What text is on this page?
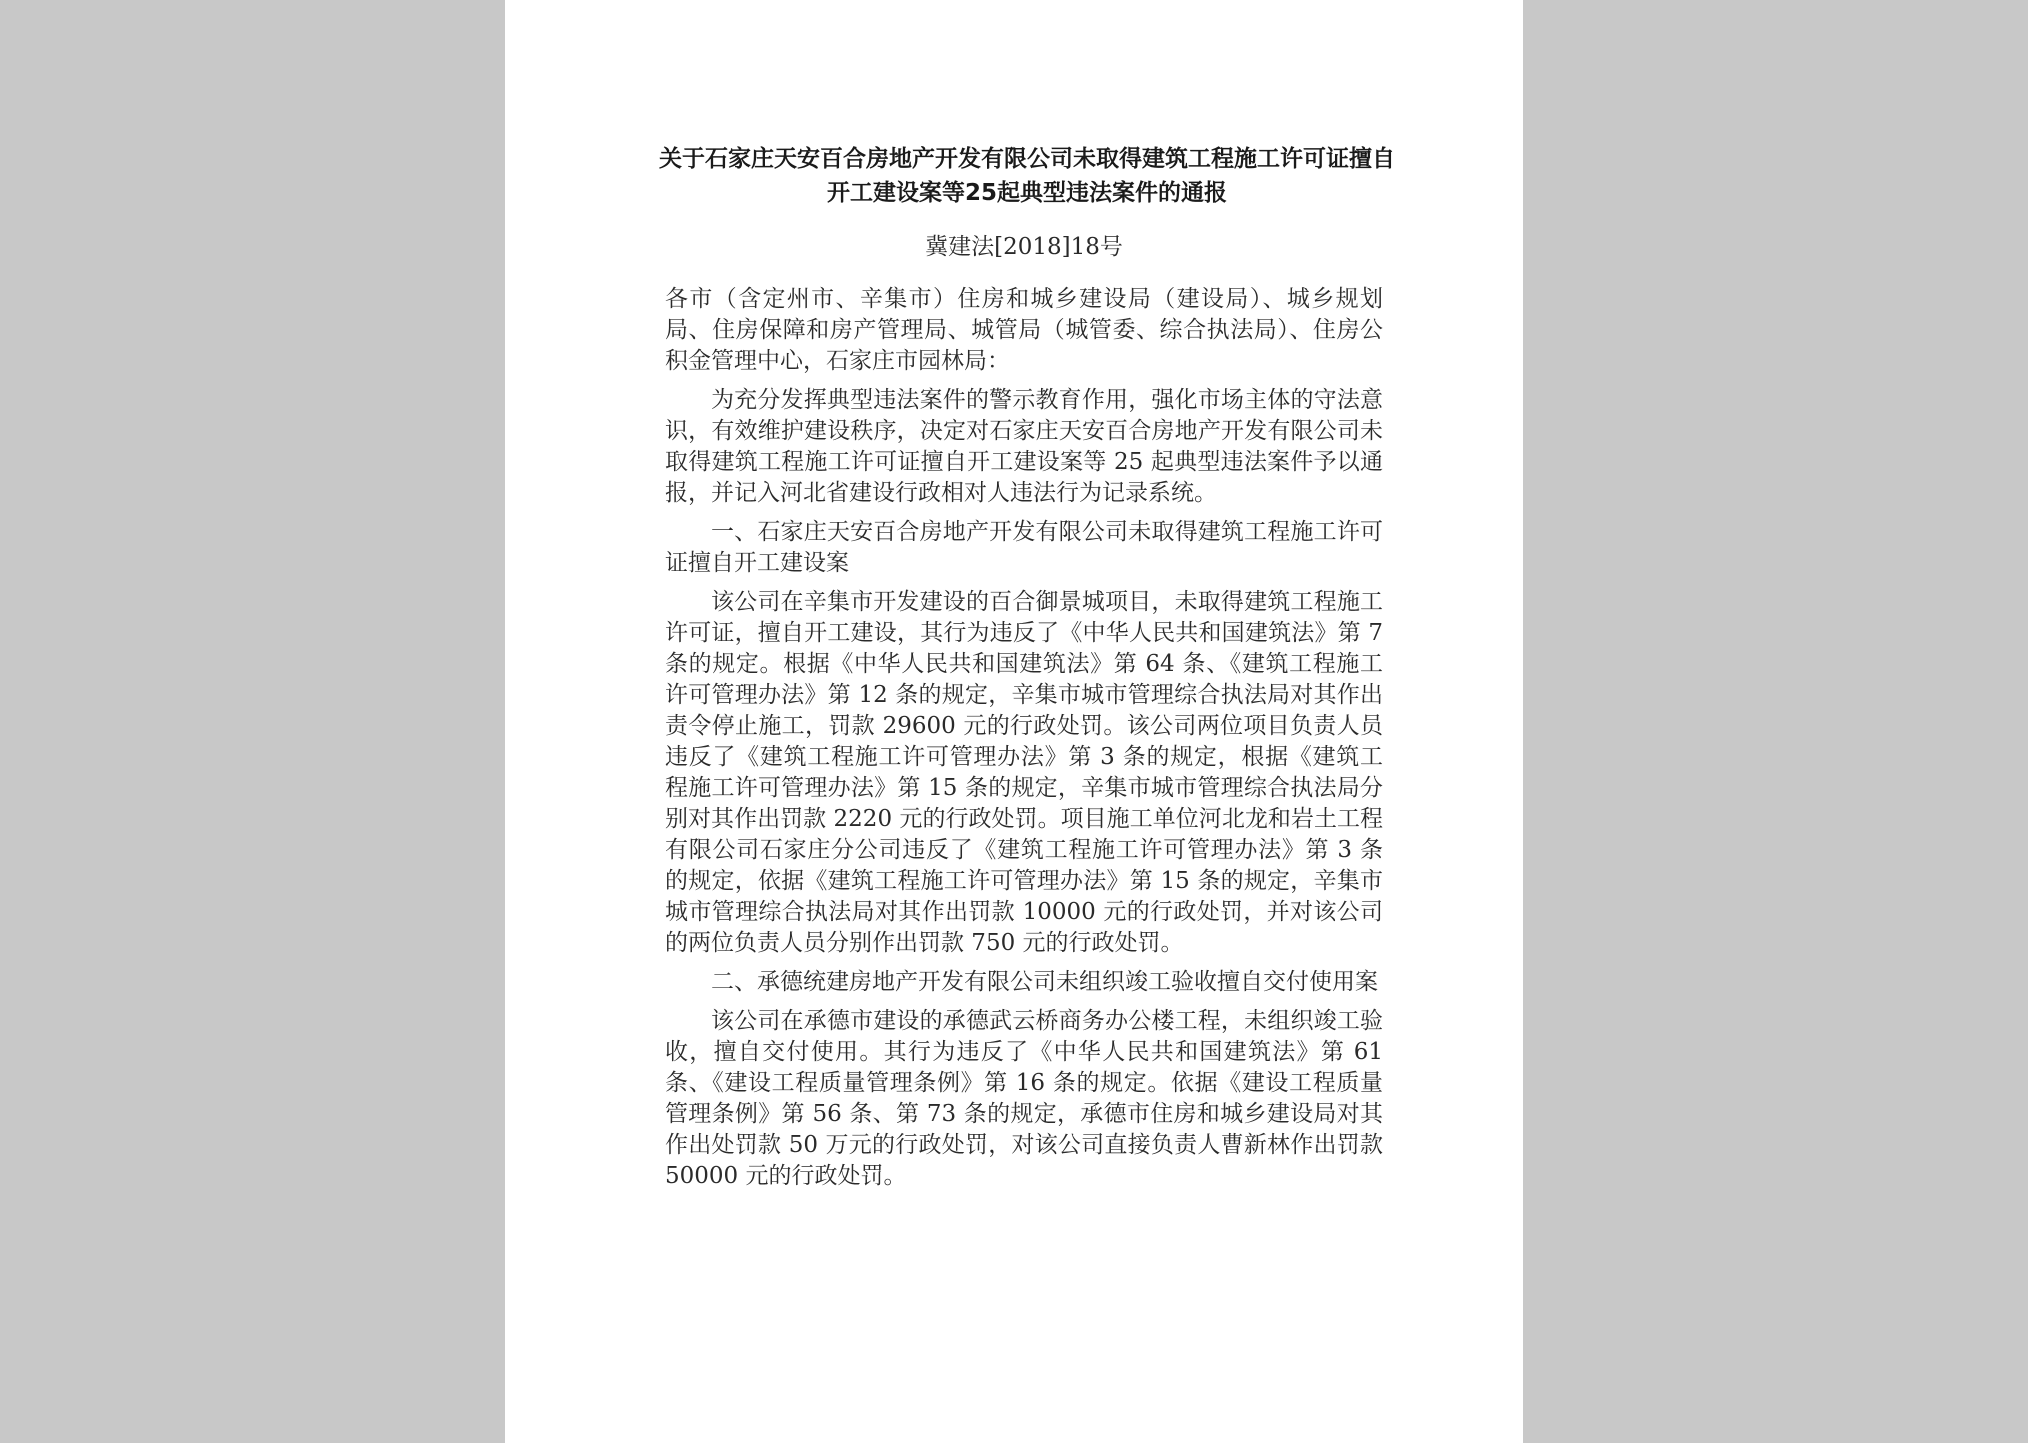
关于石家庄天安百合房地产开发有限公司未取得建筑工程施工许可证擅自开工建设案等25起典型违法案件的通报
冀建法[2018]18号
各市（含定州市、辛集市）住房和城乡建设局（建设局）、城乡规划局、住房保障和房产管理局、城管局（城管委、综合执法局）、住房公积金管理中心，石家庄市园林局：
为充分发挥典型违法案件的警示教育作用，强化市场主体的守法意识，有效维护建设秩序，决定对石家庄天安百合房地产开发有限公司未取得建筑工程施工许可证擅自开工建设案等 25 起典型违法案件予以通报，并记入河北省建设行政相对人违法行为记录系统。
一、石家庄天安百合房地产开发有限公司未取得建筑工程施工许可证擅自开工建设案
该公司在辛集市开发建设的百合御景城项目，未取得建筑工程施工许可证，擅自开工建设，其行为违反了《中华人民共和国建筑法》第 7 条的规定。根据《中华人民共和国建筑法》第 64 条、《建筑工程施工许可管理办法》第 12 条的规定，辛集市城市管理综合执法局对其作出责令停止施工，罚款 29600 元的行政处罚。该公司两位项目负责人员违反了《建筑工程施工许可管理办法》第 3 条的规定，根据《建筑工程施工许可管理办法》第 15 条的规定，辛集市城市管理综合执法局分别对其作出罚款 2220 元的行政处罚。项目施工单位河北龙和岩土工程有限公司石家庄分公司违反了《建筑工程施工许可管理办法》第 3 条的规定，依据《建筑工程施工许可管理办法》第 15 条的规定，辛集市城市管理综合执法局对其作出罚款 10000 元的行政处罚，并对该公司的两位负责人员分别作出罚款 750 元的行政处罚。
二、承德统建房地产开发有限公司未组织竣工验收擅自交付使用案
该公司在承德市建设的承德武云桥商务办公楼工程，未组织竣工验收，擅自交付使用。其行为违反了《中华人民共和国建筑法》第 61 条、《建设工程质量管理条例》第 16 条的规定。依据《建设工程质量管理条例》第 56 条、第 73 条的规定，承德市住房和城乡建设局对其作出处罚款 50 万元的行政处罚，对该公司直接负责人曹新林作出罚款 50000 元的行政处罚。
